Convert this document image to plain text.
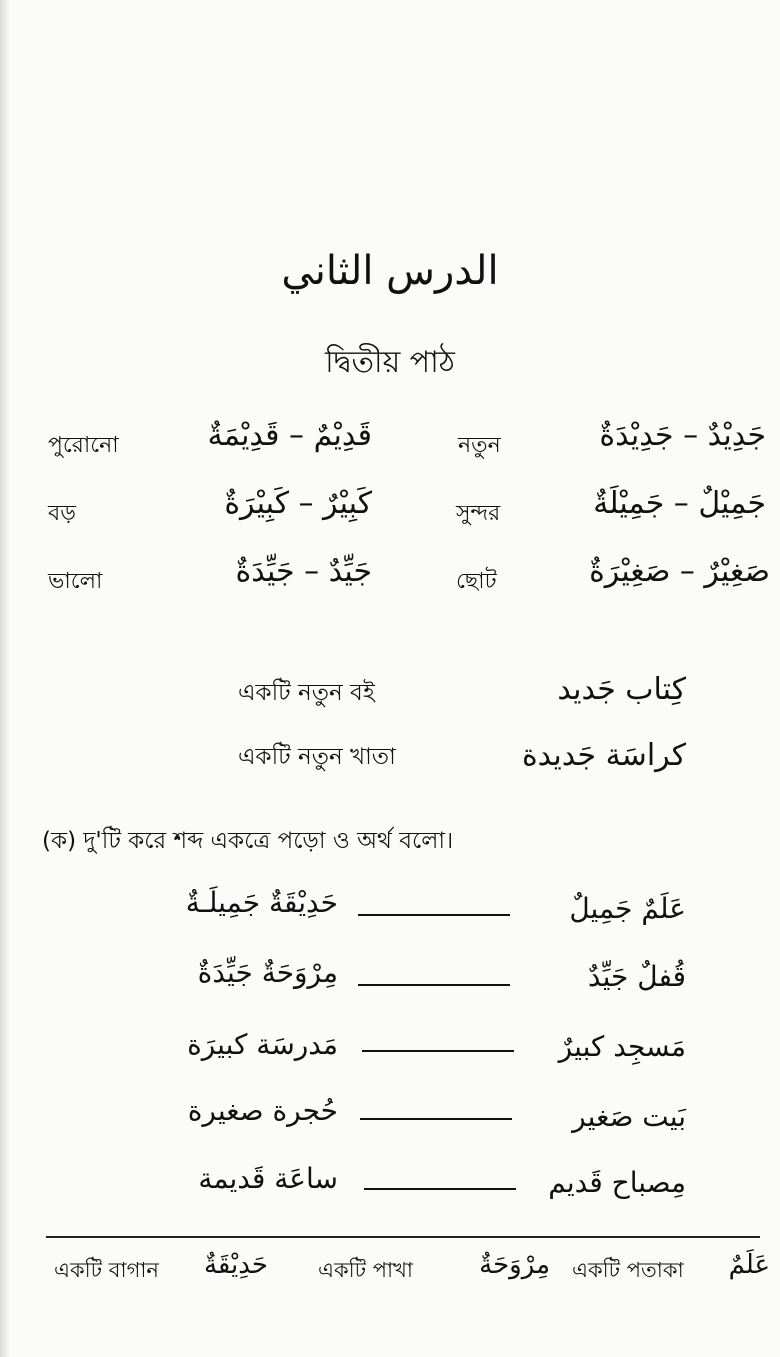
الدرس الثاني
দ্বিতীয় পাঠ
جَدِيْدٌ – جَدِيْدَةٌ
নতুন
قَدِيْمٌ – قَدِيْمَةٌ
পুরোনো
جَمِيْلٌ – جَمِيْلَةٌ
সুন্দর
كَبِيْرٌ – كَبِيْرَةٌ
বড়
صَغِيْرٌ – صَغِيْرَةٌ
ছোট
جَيِّدٌ – جَيِّدَةٌ
ভালো
كِتاب جَديد
একটি নতুন বই
كراسَة جَديدة
একটি নতুন খাতা
(ক) দু'টি করে শব্দ একত্রে পড়ো ও অর্থ বলো।
عَلَمٌ جَمِيلٌ
حَدِيْقَةٌ جَمِيلَـةٌ
قُفلٌ جَيِّدٌ
مِرْوَحَةٌ جَيِّدَةٌ
مَسجِد كبيرٌ
مَدرسَة كبيرَة
بَيت صَغير
حُجرة صغيرة
مِصباح قَديم
ساعَة قَديمة
عَلَمٌ
একটি পতাকা
مِرْوَحَةٌ
একটি পাখা
حَدِيْقَةٌ
একটি বাগান
